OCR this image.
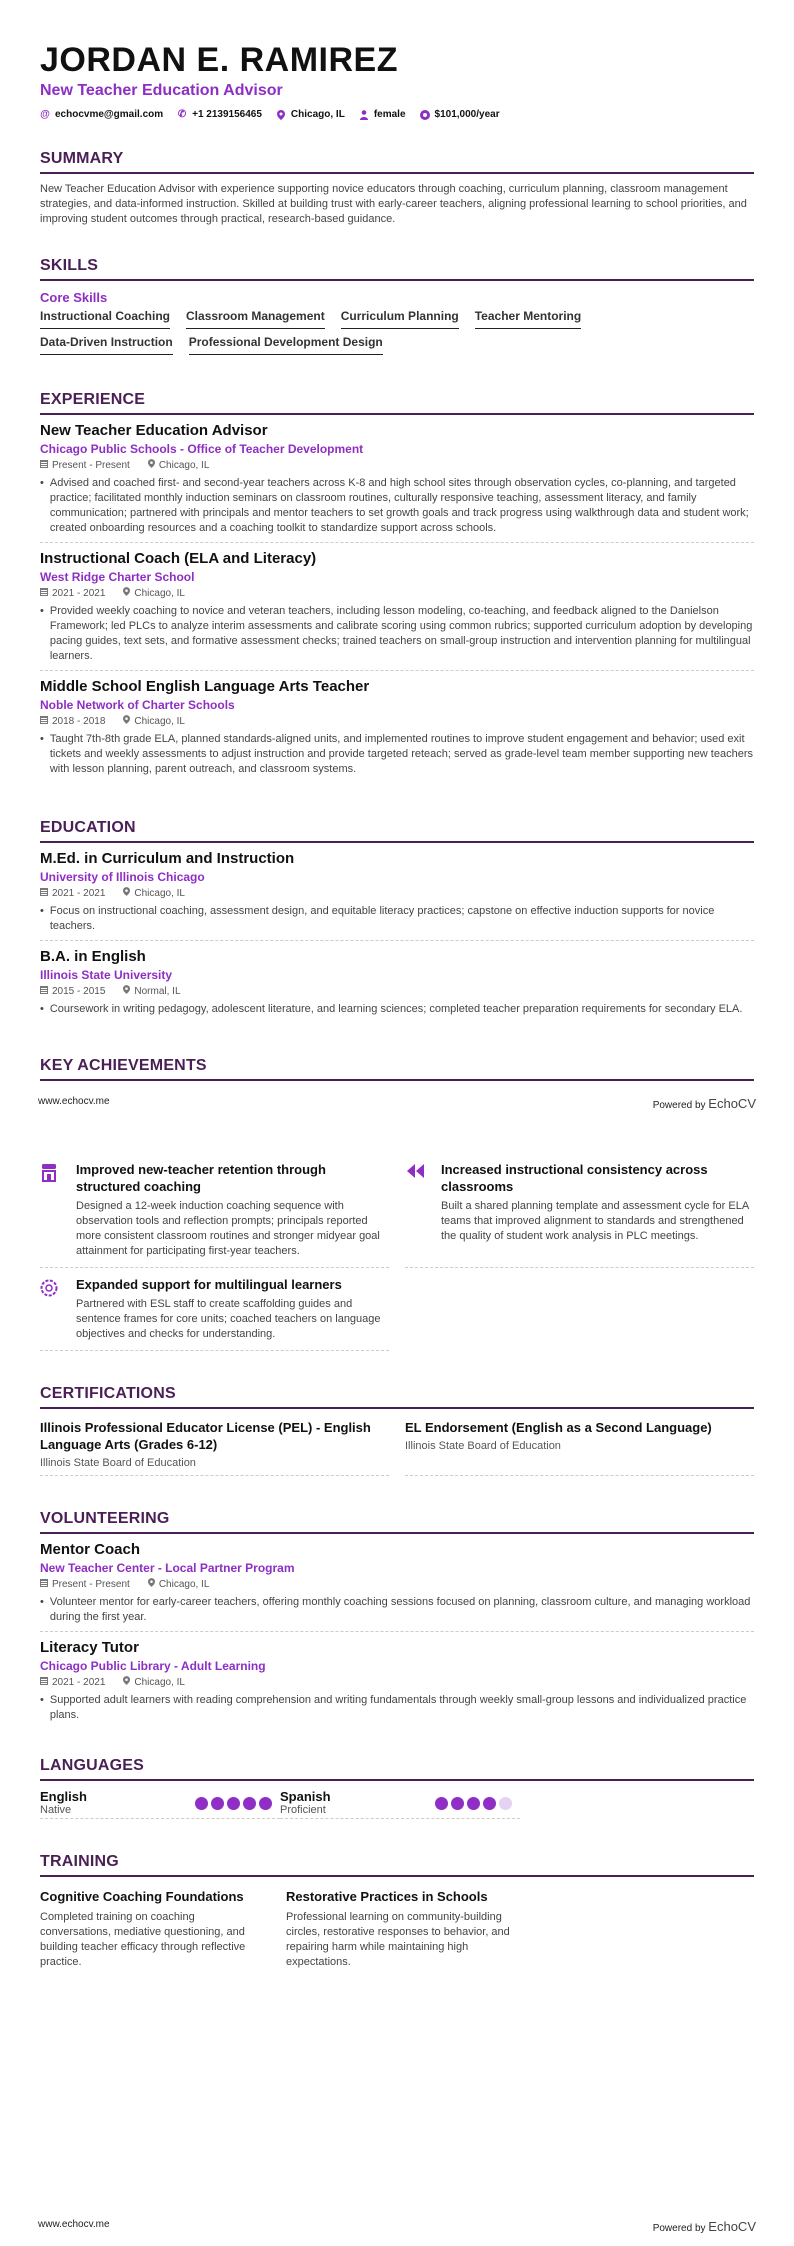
JORDAN E. RAMIREZ
New Teacher Education Advisor
@ echocvme@gmail.com ✆ +1 2139156465	Chicago, IL	female	$101,000/year
SUMMARY
New Teacher Education Advisor with experience supporting novice educators through coaching, curriculum planning, classroom management strategies, and data-informed instruction. Skilled at building trust with early-career teachers, aligning professional learning to school priorities, and improving student outcomes through practical, research-based guidance.
SKILLS
Core Skills
Instructional Coaching Classroom Management Curriculum Planning Teacher Mentoring
Data-Driven Instruction Professional Development Design
EXPERIENCE
New Teacher Education Advisor
Chicago Public Schools - Office of Teacher Development
Present - Present	Chicago, IL
• Advised and coached first- and second-year teachers across K-8 and high school sites through observation cycles, co-planning, and targeted practice; facilitated monthly induction seminars on classroom routines, culturally responsive teaching, assessment literacy, and family communication; partnered with principals and mentor teachers to set growth goals and track progress using walkthrough data and student work; created onboarding resources and a coaching toolkit to standardize support across schools.
Instructional Coach (ELA and Literacy)
West Ridge Charter School
2021 - 2021	Chicago, IL
• Provided weekly coaching to novice and veteran teachers, including lesson modeling, co-teaching, and feedback aligned to the Danielson Framework; led PLCs to analyze interim assessments and calibrate scoring using common rubrics; supported curriculum adoption by developing pacing guides, text sets, and formative assessment checks; trained teachers on small-group instruction and intervention planning for multilingual learners.
Middle School English Language Arts Teacher
Noble Network of Charter Schools
2018 - 2018	Chicago, IL
• Taught 7th-8th grade ELA, planned standards-aligned units, and implemented routines to improve student engagement and behavior; used exit tickets and weekly assessments to adjust instruction and provide targeted reteach; served as grade-level team member supporting new teachers with lesson planning, parent outreach, and classroom systems.
EDUCATION
M.Ed. in Curriculum and Instruction
University of Illinois Chicago
2021 - 2021	Chicago, IL
• Focus on instructional coaching, assessment design, and equitable literacy practices; capstone on effective induction supports for novice teachers.
B.A. in English
Illinois State University
2015 - 2015	Normal, IL
• Coursework in writing pedagogy, adolescent literature, and learning sciences; completed teacher preparation requirements for secondary ELA.
KEY ACHIEVEMENTS
www.echocv.me	Powered by EchoCV
Improved new-teacher retention through structured coaching
Designed a 12-week induction coaching sequence with observation tools and reflection prompts; principals reported more consistent classroom routines and stronger midyear goal attainment for participating first-year teachers.
Increased instructional consistency across classrooms
Built a shared planning template and assessment cycle for ELA teams that improved alignment to standards and strengthened the quality of student work analysis in PLC meetings.
Expanded support for multilingual learners
Partnered with ESL staff to create scaffolding guides and sentence frames for core units; coached teachers on language objectives and checks for understanding.
CERTIFICATIONS
Illinois Professional Educator License (PEL) - English Language Arts (Grades 6-12)
Illinois State Board of Education
EL Endorsement (English as a Second Language)
Illinois State Board of Education
VOLUNTEERING
Mentor Coach
New Teacher Center - Local Partner Program
Present - Present	Chicago, IL
• Volunteer mentor for early-career teachers, offering monthly coaching sessions focused on planning, classroom culture, and managing workload during the first year.
Literacy Tutor
Chicago Public Library - Adult Learning
2021 - 2021	Chicago, IL
• Supported adult learners with reading comprehension and writing fundamentals through weekly small-group lessons and individualized practice plans.
LANGUAGES
English
Native
Spanish
Proficient
TRAINING
Cognitive Coaching Foundations
Completed training on coaching conversations, mediative questioning, and building teacher efficacy through reflective practice.
Restorative Practices in Schools
Professional learning on community-building circles, restorative responses to behavior, and repairing harm while maintaining high expectations.
www.echocv.me	Powered by EchoCV
